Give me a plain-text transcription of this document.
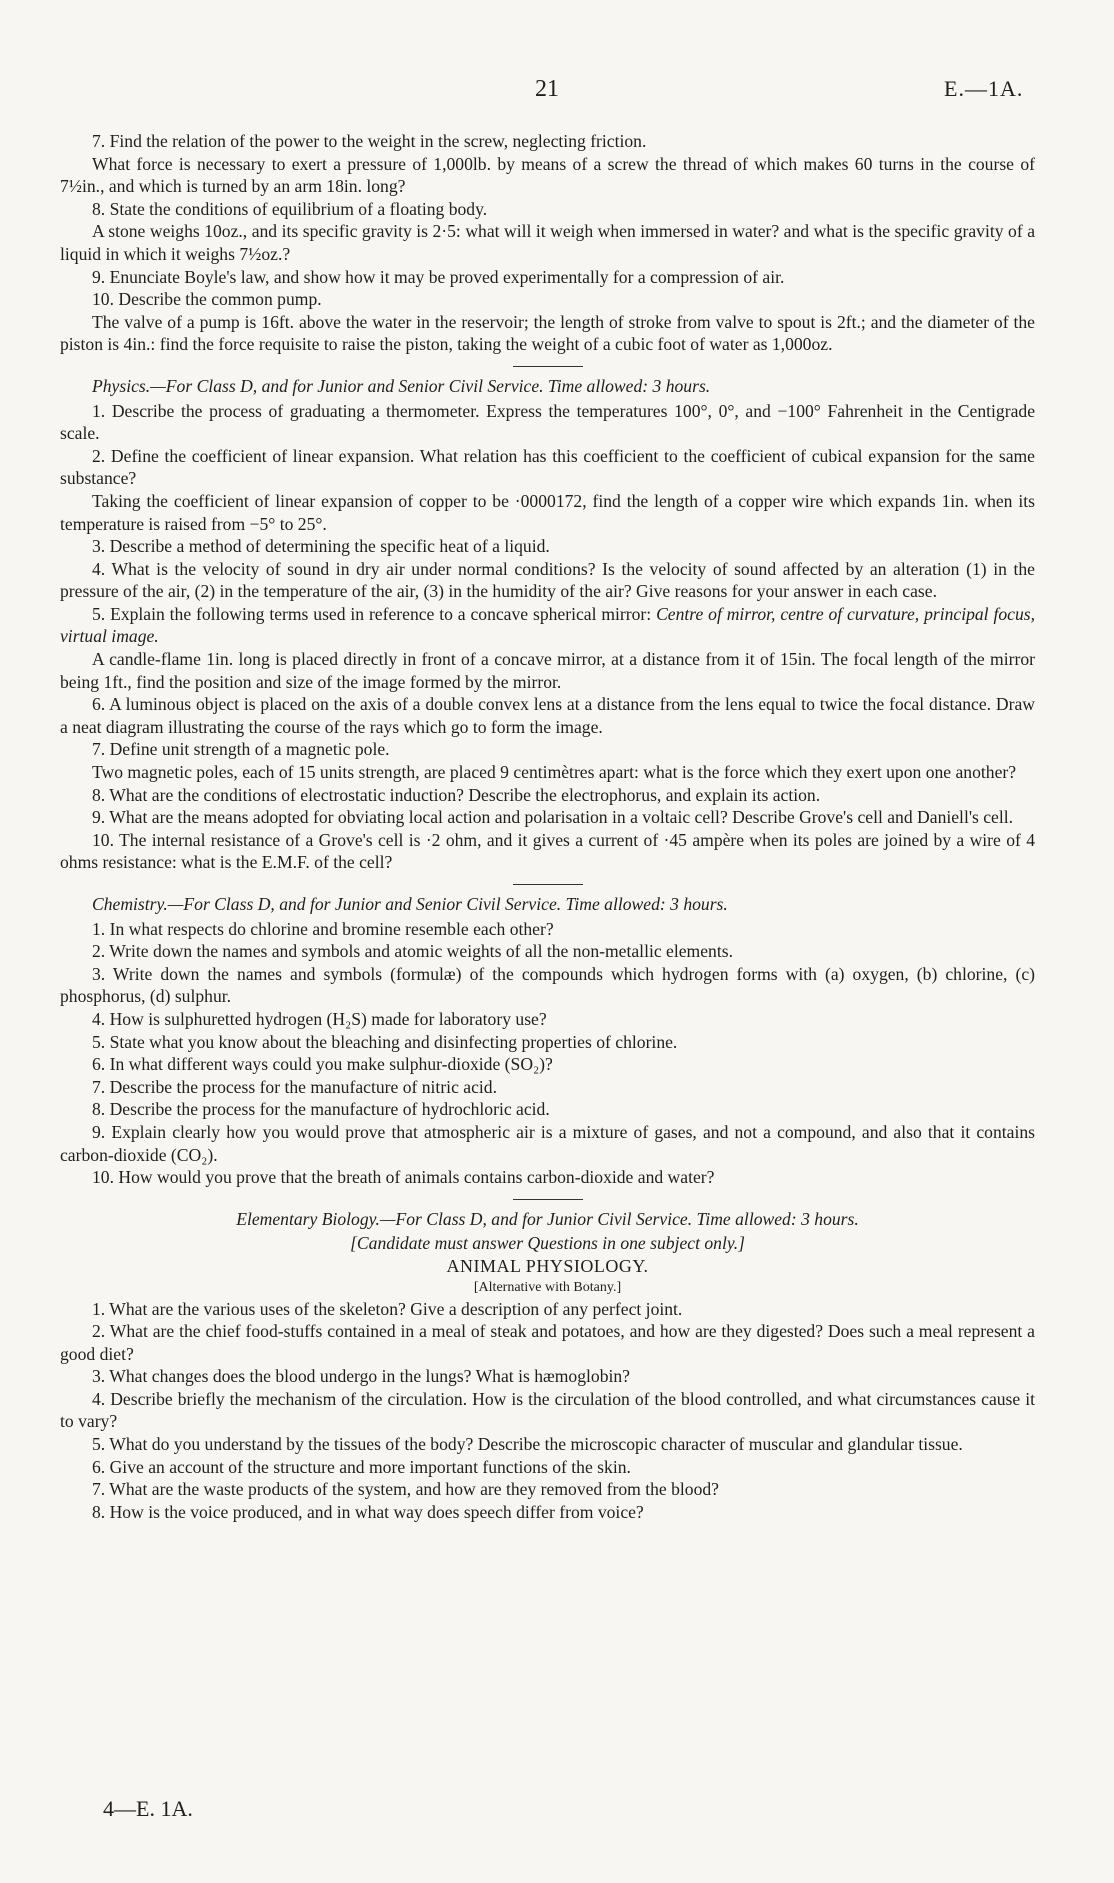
21	E.—1A.

7. Find the relation of the power to the weight in the screw, neglecting friction.

What force is necessary to exert a pressure of 1,000lb. by means of a screw the thread of which makes 60 turns in the course of 7½in., and which is turned by an arm 18in. long?

8. State the conditions of equilibrium of a floating body.

A stone weighs 10oz., and its specific gravity is 2·5: what will it weigh when immersed in water? and what is the specific gravity of a liquid in which it weighs 7½oz.?

9. Enunciate Boyle's law, and show how it may be proved experimentally for a compression of air.

10. Describe the common pump.

The valve of a pump is 16ft. above the water in the reservoir; the length of stroke from valve to spout is 2ft.; and the diameter of the piston is 4in.: find the force requisite to raise the piston, taking the weight of a cubic foot of water as 1,000oz.

Physics.—For Class D, and for Junior and Senior Civil Service. Time allowed: 3 hours.

1. Describe the process of graduating a thermometer. Express the temperatures 100°, 0°, and −100° Fahrenheit in the Centigrade scale.

2. Define the coefficient of linear expansion. What relation has this coefficient to the coefficient of cubical expansion for the same substance?

Taking the coefficient of linear expansion of copper to be ·0000172, find the length of a copper wire which expands 1in. when its temperature is raised from −5° to 25°.

3. Describe a method of determining the specific heat of a liquid.

4. What is the velocity of sound in dry air under normal conditions? Is the velocity of sound affected by an alteration (1) in the pressure of the air, (2) in the temperature of the air, (3) in the humidity of the air? Give reasons for your answer in each case.

5. Explain the following terms used in reference to a concave spherical mirror: Centre of mirror, centre of curvature, principal focus, virtual image.

A candle-flame 1in. long is placed directly in front of a concave mirror, at a distance from it of 15in. The focal length of the mirror being 1ft., find the position and size of the image formed by the mirror.

6. A luminous object is placed on the axis of a double convex lens at a distance from the lens equal to twice the focal distance. Draw a neat diagram illustrating the course of the rays which go to form the image.

7. Define unit strength of a magnetic pole.

Two magnetic poles, each of 15 units strength, are placed 9 centimètres apart: what is the force which they exert upon one another?

8. What are the conditions of electrostatic induction? Describe the electrophorus, and explain its action.

9. What are the means adopted for obviating local action and polarisation in a voltaic cell? Describe Grove's cell and Daniell's cell.

10. The internal resistance of a Grove's cell is ·2 ohm, and it gives a current of ·45 ampère when its poles are joined by a wire of 4 ohms resistance: what is the E.M.F. of the cell?

Chemistry.—For Class D, and for Junior and Senior Civil Service. Time allowed: 3 hours.

1. In what respects do chlorine and bromine resemble each other?

2. Write down the names and symbols and atomic weights of all the non-metallic elements.

3. Write down the names and symbols (formulæ) of the compounds which hydrogen forms with (a) oxygen, (b) chlorine, (c) phosphorus, (d) sulphur.

4. How is sulphuretted hydrogen (H₂S) made for laboratory use?

5. State what you know about the bleaching and disinfecting properties of chlorine.

6. In what different ways could you make sulphur-dioxide (SO₂)?

7. Describe the process for the manufacture of nitric acid.

8. Describe the process for the manufacture of hydrochloric acid.

9. Explain clearly how you would prove that atmospheric air is a mixture of gases, and not a compound, and also that it contains carbon-dioxide (CO₂).

10. How would you prove that the breath of animals contains carbon-dioxide and water?

Elementary Biology.—For Class D, and for Junior Civil Service. Time allowed: 3 hours.

[Candidate must answer Questions in one subject only.]

ANIMAL PHYSIOLOGY.

[Alternative with Botany.]

1. What are the various uses of the skeleton? Give a description of any perfect joint.

2. What are the chief food-stuffs contained in a meal of steak and potatoes, and how are they digested? Does such a meal represent a good diet?

3. What changes does the blood undergo in the lungs? What is hæmoglobin?

4. Describe briefly the mechanism of the circulation. How is the circulation of the blood controlled, and what circumstances cause it to vary?

5. What do you understand by the tissues of the body? Describe the microscopic character of muscular and glandular tissue.

6. Give an account of the structure and more important functions of the skin.

7. What are the waste products of the system, and how are they removed from the blood?

8. How is the voice produced, and in what way does speech differ from voice?

4—E. 1A.
